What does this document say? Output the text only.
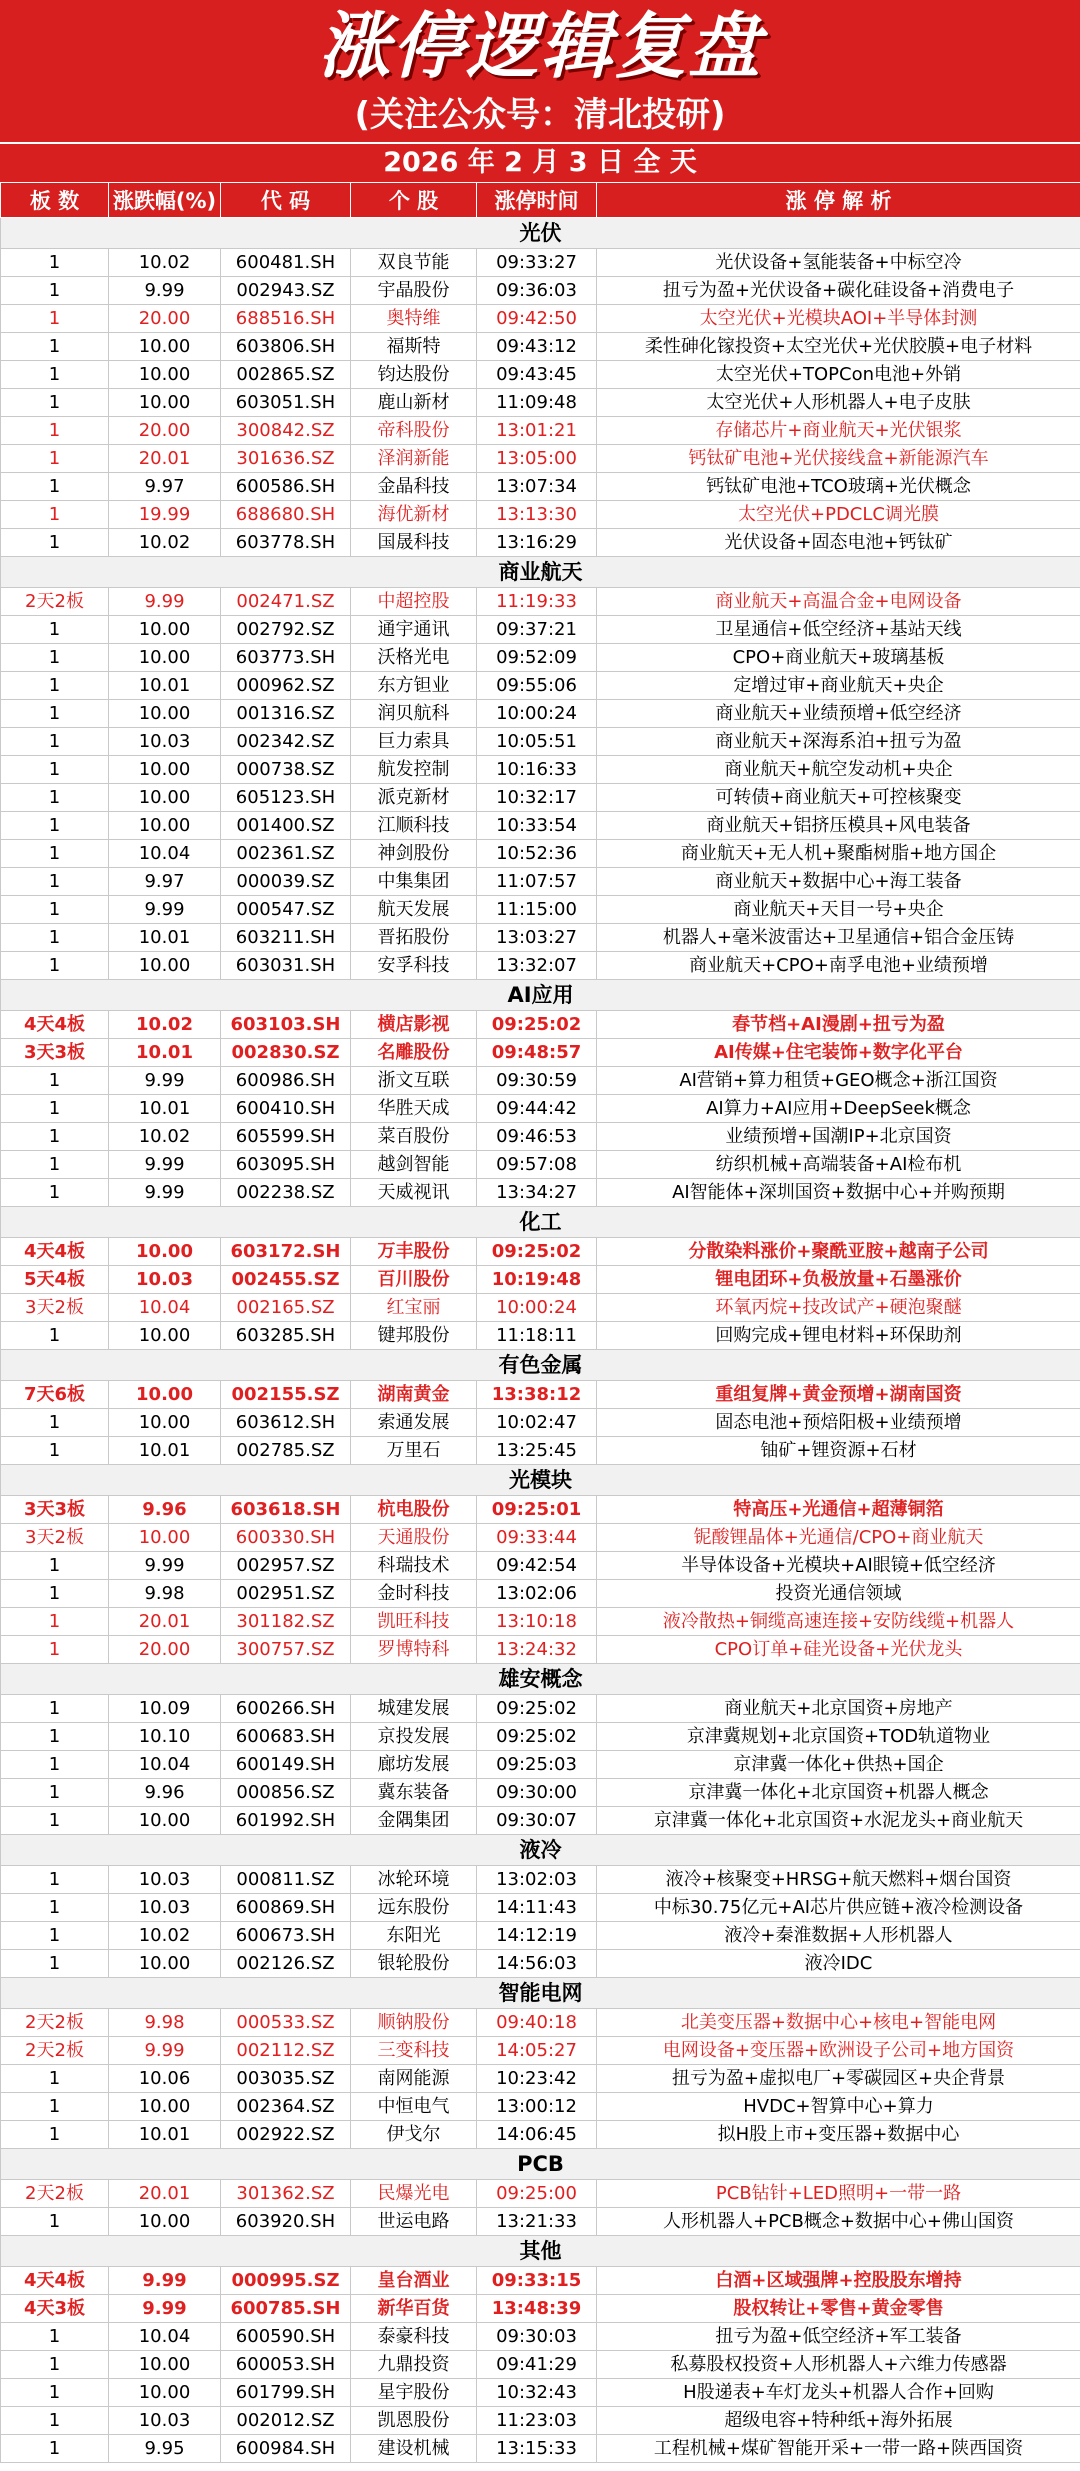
涨停逻辑复盘
(关注公众号：清北投研)
2026 年 2 月 3 日 全 天
板 数	涨跌幅(%)	代 码	个 股	涨停时间	涨 停 解 析
光伏					
1	10.02	600481.SH	双良节能	09:33:27	光伏设备+氢能装备+中标空冷
1	9.99	002943.SZ	宇晶股份	09:36:03	扭亏为盈+光伏设备+碳化硅设备+消费电子
1	20.00	688516.SH	奥特维	09:42:50	太空光伏+光模块AOI+半导体封测
1	10.00	603806.SH	福斯特	09:43:12	柔性砷化镓投资+太空光伏+光伏胶膜+电子材料
1	10.00	002865.SZ	钧达股份	09:43:45	太空光伏+TOPCon电池+外销
1	10.00	603051.SH	鹿山新材	11:09:48	太空光伏+人形机器人+电子皮肤
1	20.00	300842.SZ	帝科股份	13:01:21	存储芯片+商业航天+光伏银浆
1	20.01	301636.SZ	泽润新能	13:05:00	钙钛矿电池+光伏接线盒+新能源汽车
1	9.97	600586.SH	金晶科技	13:07:34	钙钛矿电池+TCO玻璃+光伏概念
1	19.99	688680.SH	海优新材	13:13:30	太空光伏+PDCLC调光膜
1	10.02	603778.SH	国晟科技	13:16:29	光伏设备+固态电池+钙钛矿
商业航天					
2天2板	9.99	002471.SZ	中超控股	11:19:33	商业航天+高温合金+电网设备
1	10.00	002792.SZ	通宇通讯	09:37:21	卫星通信+低空经济+基站天线
1	10.00	603773.SH	沃格光电	09:52:09	CPO+商业航天+玻璃基板
1	10.01	000962.SZ	东方钽业	09:55:06	定增过审+商业航天+央企
1	10.00	001316.SZ	润贝航科	10:00:24	商业航天+业绩预增+低空经济
1	10.03	002342.SZ	巨力索具	10:05:51	商业航天+深海系泊+扭亏为盈
1	10.00	000738.SZ	航发控制	10:16:33	商业航天+航空发动机+央企
1	10.00	605123.SH	派克新材	10:32:17	可转债+商业航天+可控核聚变
1	10.00	001400.SZ	江顺科技	10:33:54	商业航天+铝挤压模具+风电装备
1	10.04	002361.SZ	神剑股份	10:52:36	商业航天+无人机+聚酯树脂+地方国企
1	9.97	000039.SZ	中集集团	11:07:57	商业航天+数据中心+海工装备
1	9.99	000547.SZ	航天发展	11:15:00	商业航天+天目一号+央企
1	10.01	603211.SH	晋拓股份	13:03:27	机器人+毫米波雷达+卫星通信+铝合金压铸
1	10.00	603031.SH	安孚科技	13:32:07	商业航天+CPO+南孚电池+业绩预增
AI应用					
4天4板	10.02	603103.SH	横店影视	09:25:02	春节档+AI漫剧+扭亏为盈
3天3板	10.01	002830.SZ	名雕股份	09:48:57	AI传媒+住宅装饰+数字化平台
1	9.99	600986.SH	浙文互联	09:30:59	AI营销+算力租赁+GEO概念+浙江国资
1	10.01	600410.SH	华胜天成	09:44:42	AI算力+AI应用+DeepSeek概念
1	10.02	605599.SH	菜百股份	09:46:53	业绩预增+国潮IP+北京国资
1	9.99	603095.SH	越剑智能	09:57:08	纺织机械+高端装备+AI检布机
1	9.99	002238.SZ	天威视讯	13:34:27	AI智能体+深圳国资+数据中心+并购预期
化工					
4天4板	10.00	603172.SH	万丰股份	09:25:02	分散染料涨价+聚酰亚胺+越南子公司
5天4板	10.03	002455.SZ	百川股份	10:19:48	锂电团环+负极放量+石墨涨价
3天2板	10.04	002165.SZ	红宝丽	10:00:24	环氧丙烷+技改试产+硬泡聚醚
1	10.00	603285.SH	键邦股份	11:18:11	回购完成+锂电材料+环保助剂
有色金属					
7天6板	10.00	002155.SZ	湖南黄金	13:38:12	重组复牌+黄金预增+湖南国资
1	10.00	603612.SH	索通发展	10:02:47	固态电池+预焙阳极+业绩预增
1	10.01	002785.SZ	万里石	13:25:45	铀矿+锂资源+石材
光模块					
3天3板	9.96	603618.SH	杭电股份	09:25:01	特高压+光通信+超薄铜箔
3天2板	10.00	600330.SH	天通股份	09:33:44	铌酸锂晶体+光通信/CPO+商业航天
1	9.99	002957.SZ	科瑞技术	09:42:54	半导体设备+光模块+AI眼镜+低空经济
1	9.98	002951.SZ	金时科技	13:02:06	投资光通信领域
1	20.01	301182.SZ	凯旺科技	13:10:18	液冷散热+铜缆高速连接+安防线缆+机器人
1	20.00	300757.SZ	罗博特科	13:24:32	CPO订单+硅光设备+光伏龙头
雄安概念					
1	10.09	600266.SH	城建发展	09:25:02	商业航天+北京国资+房地产
1	10.10	600683.SH	京投发展	09:25:02	京津冀规划+北京国资+TOD轨道物业
1	10.04	600149.SH	廊坊发展	09:25:03	京津冀一体化+供热+国企
1	9.96	000856.SZ	冀东装备	09:30:00	京津冀一体化+北京国资+机器人概念
1	10.00	601992.SH	金隅集团	09:30:07	京津冀一体化+北京国资+水泥龙头+商业航天
液冷					
1	10.03	000811.SZ	冰轮环境	13:02:03	液冷+核聚变+HRSG+航天燃料+烟台国资
1	10.03	600869.SH	远东股份	14:11:43	中标30.75亿元+AI芯片供应链+液冷检测设备
1	10.02	600673.SH	东阳光	14:12:19	液冷+秦淮数据+人形机器人
1	10.00	002126.SZ	银轮股份	14:56:03	液冷IDC
智能电网					
2天2板	9.98	000533.SZ	顺钠股份	09:40:18	北美变压器+数据中心+核电+智能电网
2天2板	9.99	002112.SZ	三变科技	14:05:27	电网设备+变压器+欧洲设子公司+地方国资
1	10.06	003035.SZ	南网能源	10:23:42	扭亏为盈+虚拟电厂+零碳园区+央企背景
1	10.00	002364.SZ	中恒电气	13:00:12	HVDC+智算中心+算力
1	10.01	002922.SZ	伊戈尔	14:06:45	拟H股上市+变压器+数据中心
PCB					
2天2板	20.01	301362.SZ	民爆光电	09:25:00	PCB钻针+LED照明+一带一路
1	10.00	603920.SH	世运电路	13:21:33	人形机器人+PCB概念+数据中心+佛山国资
其他					
4天4板	9.99	000995.SZ	皇台酒业	09:33:15	白酒+区域强牌+控股股东增持
4天3板	9.99	600785.SH	新华百货	13:48:39	股权转让+零售+黄金零售
1	10.04	600590.SH	泰豪科技	09:30:03	扭亏为盈+低空经济+军工装备
1	10.00	600053.SH	九鼎投资	09:41:29	私募股权投资+人形机器人+六维力传感器
1	10.00	601799.SH	星宇股份	10:32:43	H股递表+车灯龙头+机器人合作+回购
1	10.03	002012.SZ	凯恩股份	11:23:03	超级电容+特种纸+海外拓展
1	9.95	600984.SH	建设机械	13:15:33	工程机械+煤矿智能开采+一带一路+陕西国资
